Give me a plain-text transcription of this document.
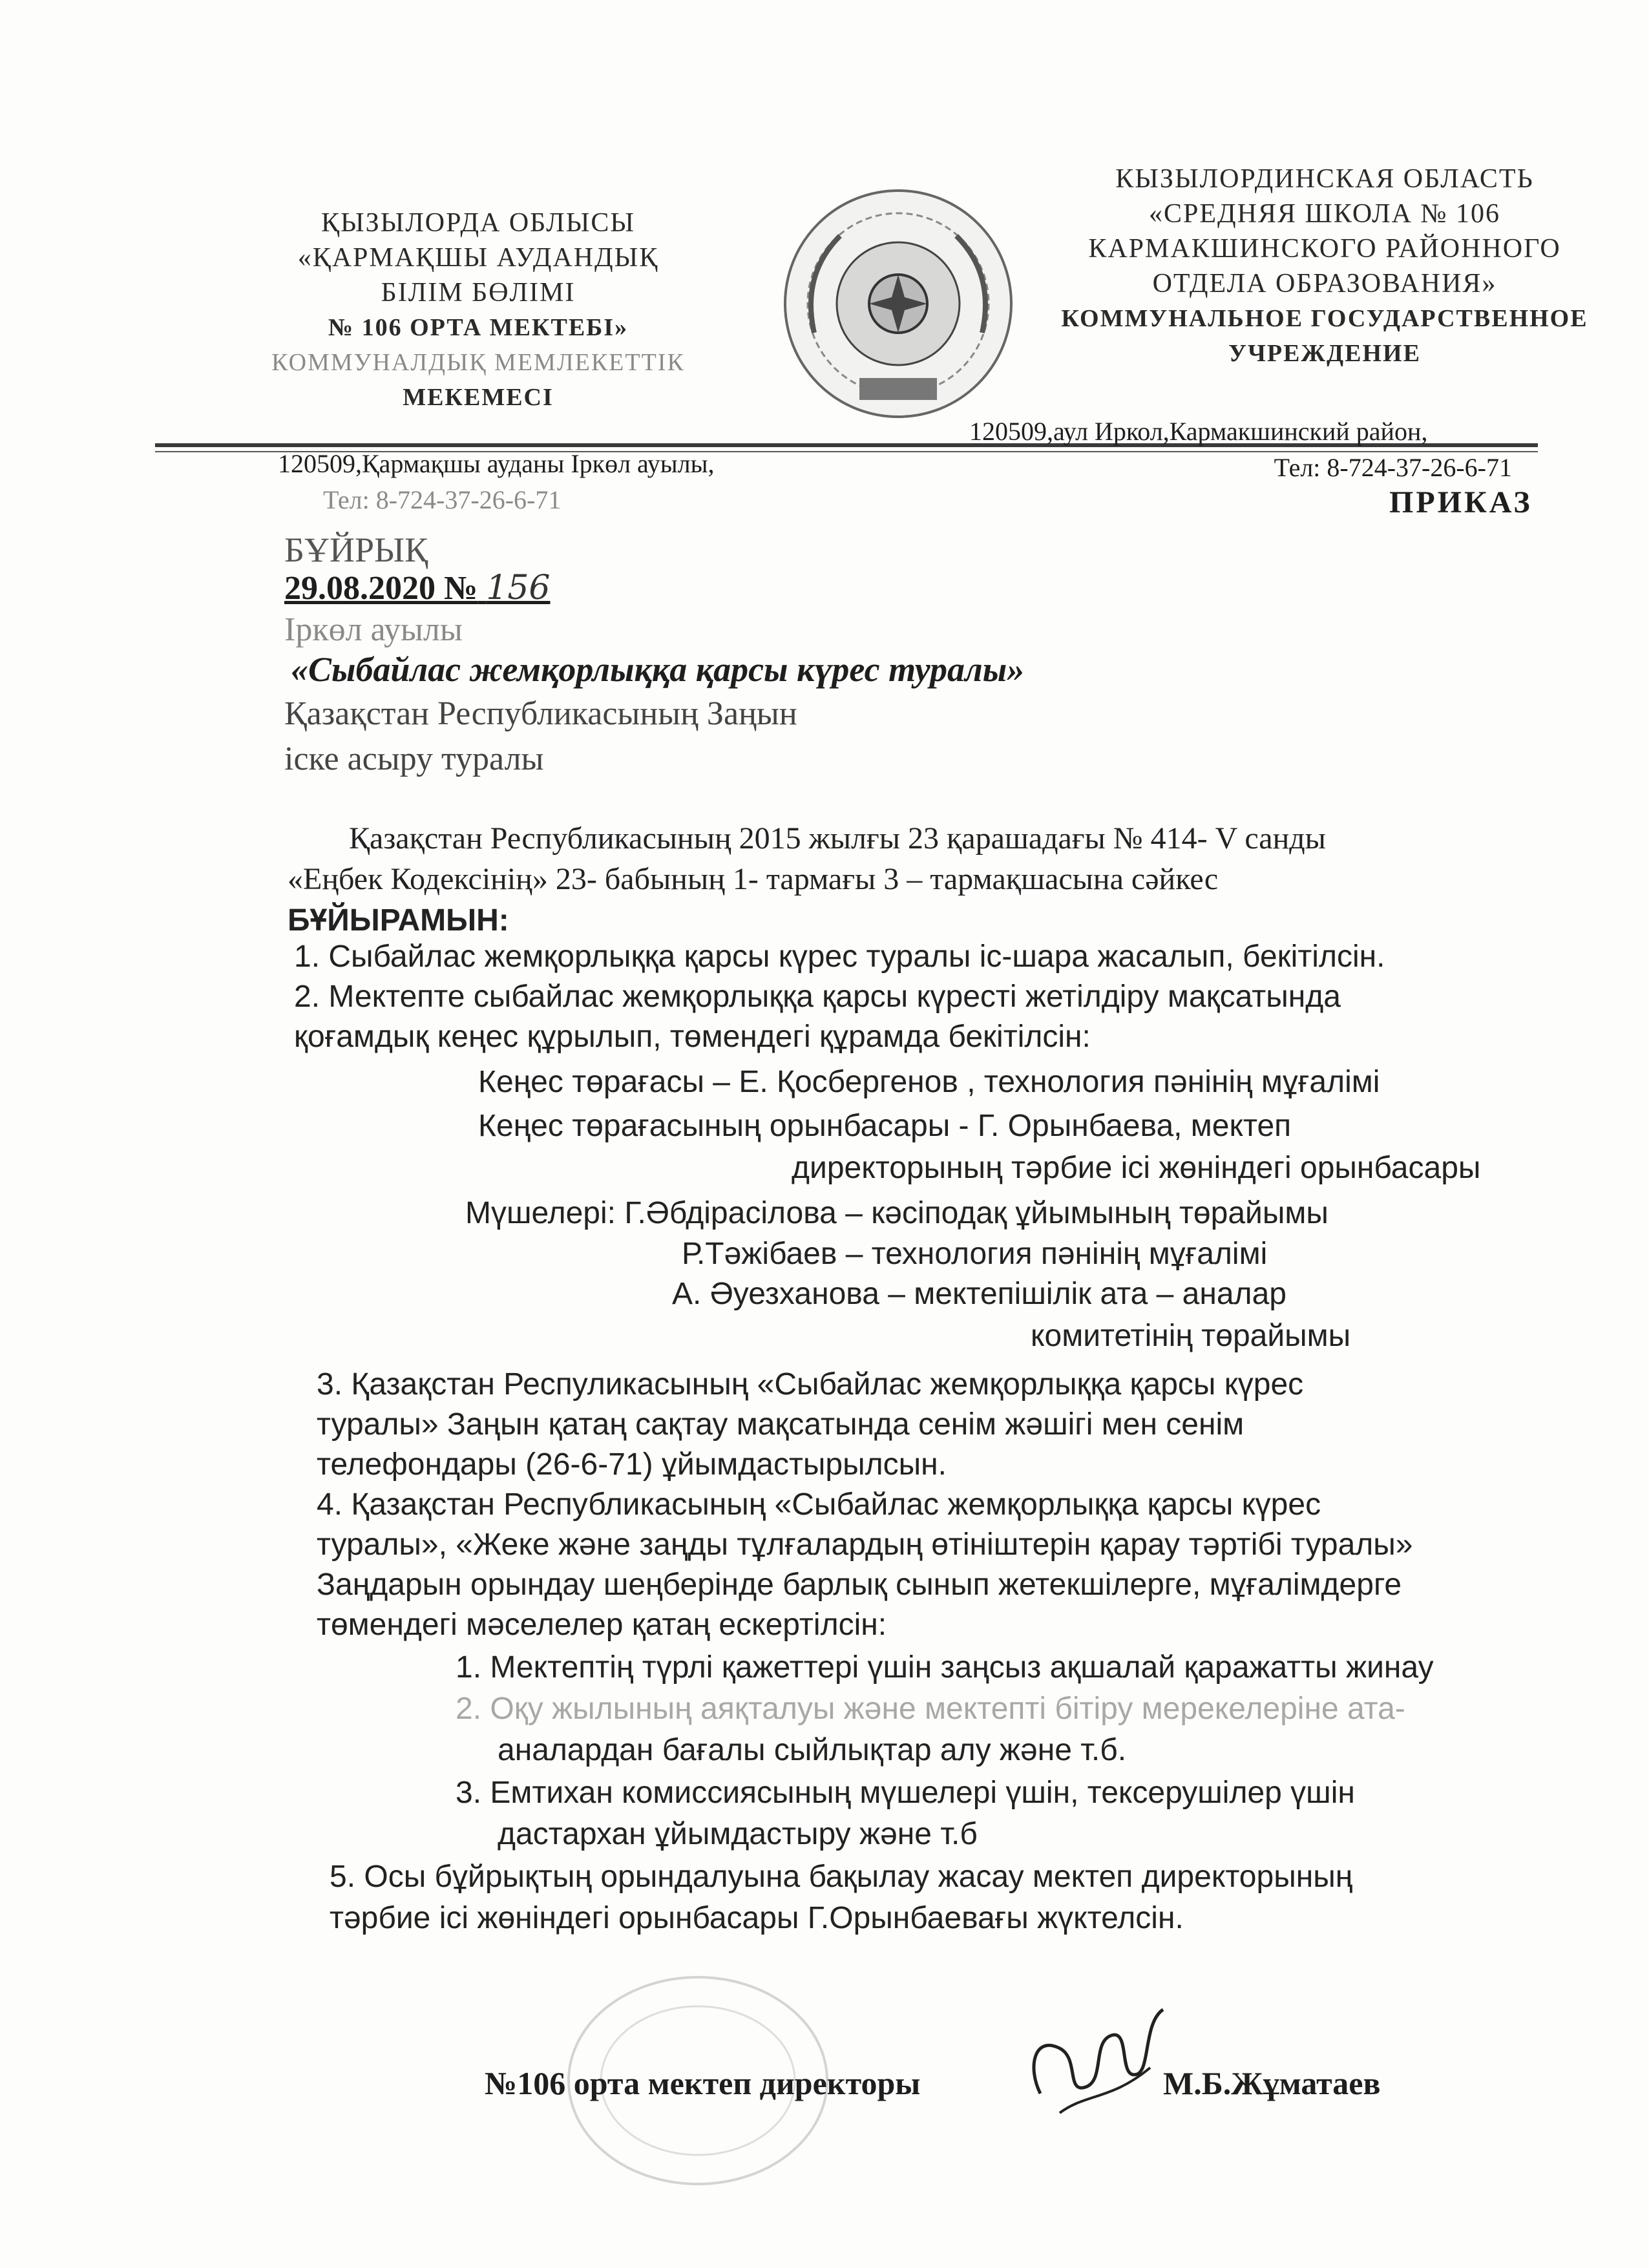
ҚЫЗЫЛОРДА ОБЛЫСЫ
«ҚАРМАҚШЫ АУДАНДЫҚ
БІЛІМ БӨЛІМІ
№ 106 ОРТА МЕКТЕБІ»
КОММУНАЛДЫҚ МЕМЛЕКЕТТІК
МЕКЕМЕСІ
КЫЗЫЛОРДИНСКАЯ ОБЛАСТЬ
«СРЕДНЯЯ ШКОЛА № 106
КАРМАКШИНСКОГО РАЙОННОГО
ОТДЕЛА ОБРАЗОВАНИЯ»
КОММУНАЛЬНОЕ ГОСУДАРСТВЕННОЕ
УЧРЕЖДЕНИЕ
120509,Қармақшы ауданы Іркөл ауылы,
Тел: 8-724-37-26-6-71
120509,аул Иркол,Кармакшинский район,
Тел: 8-724-37-26-6-71
ПРИКАЗ
БҰЙРЫҚ
29.08.2020 № 156
Іркөл ауылы
«Сыбайлас жемқорлыққа қарсы күрес туралы»
Қазақстан Республикасының Заңын
іске асыру туралы
Қазақстан Республикасының 2015 жылғы 23 қарашадағы № 414- V санды
«Еңбек Кодексінің» 23- бабының 1- тармағы 3 – тармақшасына сәйкес
БҰЙЫРАМЫН:
1. Сыбайлас жемқорлыққа қарсы күрес туралы іс-шара жасалып, бекітілсін.
2. Мектепте сыбайлас жемқорлыққа қарсы күресті жетілдіру мақсатында
қоғамдық кеңес құрылып, төмендегі құрамда бекітілсін:
Кеңес төрағасы – Е. Қосбергенов , технология пәнінің мұғалімі
Кеңес төрағасының орынбасары - Г. Орынбаева, мектеп
директорының тәрбие ісі жөніндегі орынбасары
Мүшелері: Г.Әбдірасілова – кәсіподақ ұйымының төрайымы
Р.Тәжібаев – технология пәнінің мұғалімі
А. Әуезханова – мектепішілік ата – аналар
комитетінің төрайымы
3. Қазақстан Респуликасының «Сыбайлас жемқорлыққа қарсы күрес
туралы» Заңын қатаң сақтау мақсатында сенім жәшігі мен сенім
телефондары (26-6-71) ұйымдастырылсын.
4. Қазақстан Республикасының «Сыбайлас жемқорлыққа қарсы күрес
туралы», «Жеке және заңды тұлғалардың өтініштерін қарау тәртібі туралы»
Заңдарын орындау шеңберінде барлық сынып жетекшілерге, мұғалімдерге
төмендегі мәселелер қатаң ескертілсін:
1. Мектептің түрлі қажеттері үшін заңсыз ақшалай қаражатты жинау
2. Оқу жылының аяқталуы және мектепті бітіру мерекелеріне ата-
аналардан бағалы сыйлықтар алу және т.б.
3. Емтихан комиссиясының мүшелері үшін, тексерушілер үшін
дастархан ұйымдастыру және т.б
5. Осы бұйрықтың орындалуына бақылау жасау мектеп директорының
тәрбие ісі жөніндегі орынбасары Г.Орынбаевағы жүктелсін.
№106 орта мектеп директоры	М.Б.Жұматаев
